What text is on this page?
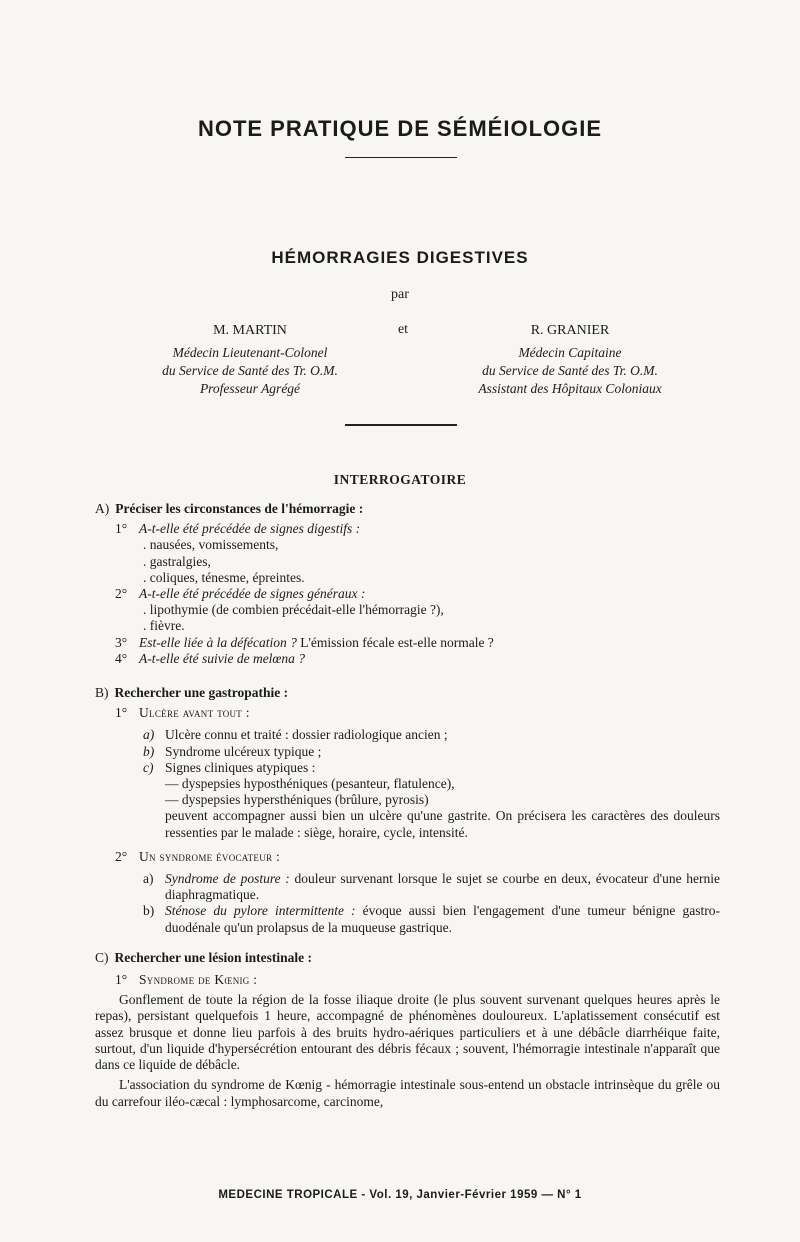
NOTE PRATIQUE DE SÉMÉIOLOGIE
HÉMORRAGIES DIGESTIVES
par
M. MARTIN
Médecin Lieutenant-Colonel
du Service de Santé des Tr. O.M.
Professeur Agrégé
et	R. GRANIER
Médecin Capitaine
du Service de Santé des Tr. O.M.
Assistant des Hôpitaux Coloniaux
INTERROGATOIRE
A) Préciser les circonstances de l'hémorragie :
1° A-t-elle été précédée de signes digestifs :
. nausées, vomissements,
. gastralgies,
. coliques, ténesme, épreintes.
2° A-t-elle été précédée de signes généraux :
. lipothymie (de combien précédait-elle l'hémorragie ?),
. fièvre.
3° Est-elle liée à la défécation ? L'émission fécale est-elle normale ?
4° A-t-elle été suivie de melœna ?
B) Rechercher une gastropathie :
1° Ulcère avant tout :
a) Ulcère connu et traité : dossier radiologique ancien ;
b) Syndrome ulcéreux typique ;
c) Signes cliniques atypiques :
— dyspepsies hyposthéniques (pesanteur, flatulence),
— dyspepsies hypersthéniques (brûlure, pyrosis)
peuvent accompagner aussi bien un ulcère qu'une gastrite. On précisera les caractères des douleurs ressenties par le malade : siège, horaire, cycle, intensité.
2° Un syndrome évocateur :
a) Syndrome de posture : douleur survenant lorsque le sujet se courbe en deux, évocateur d'une hernie diaphragmatique.
b) Sténose du pylore intermittente : évoque aussi bien l'engagement d'une tumeur bénigne gastro-duodénale qu'un prolapsus de la muqueuse gastrique.
C) Rechercher une lésion intestinale :
1° Syndrome de Kœnig :
Gonflement de toute la région de la fosse iliaque droite (le plus souvent survenant quelques heures après le repas), persistant quelquefois 1 heure, accompagné de phénomènes douloureux. L'aplatissement consécutif est assez brusque et donne lieu parfois à des bruits hydro-aériques particuliers et à une débâcle diarrhéique faite, surtout, d'un liquide d'hypersécrétion entourant des débris fécaux ; souvent, l'hémorragie intestinale n'apparaît que dans ce liquide de débâcle.
L'association du syndrome de Kœnig - hémorragie intestinale sous-entend un obstacle intrinsèque du grêle ou du carrefour iléo-cæcal : lymphosarcome, carcinome,
MEDECINE TROPICALE - Vol. 19, Janvier-Février 1959 — N° 1
